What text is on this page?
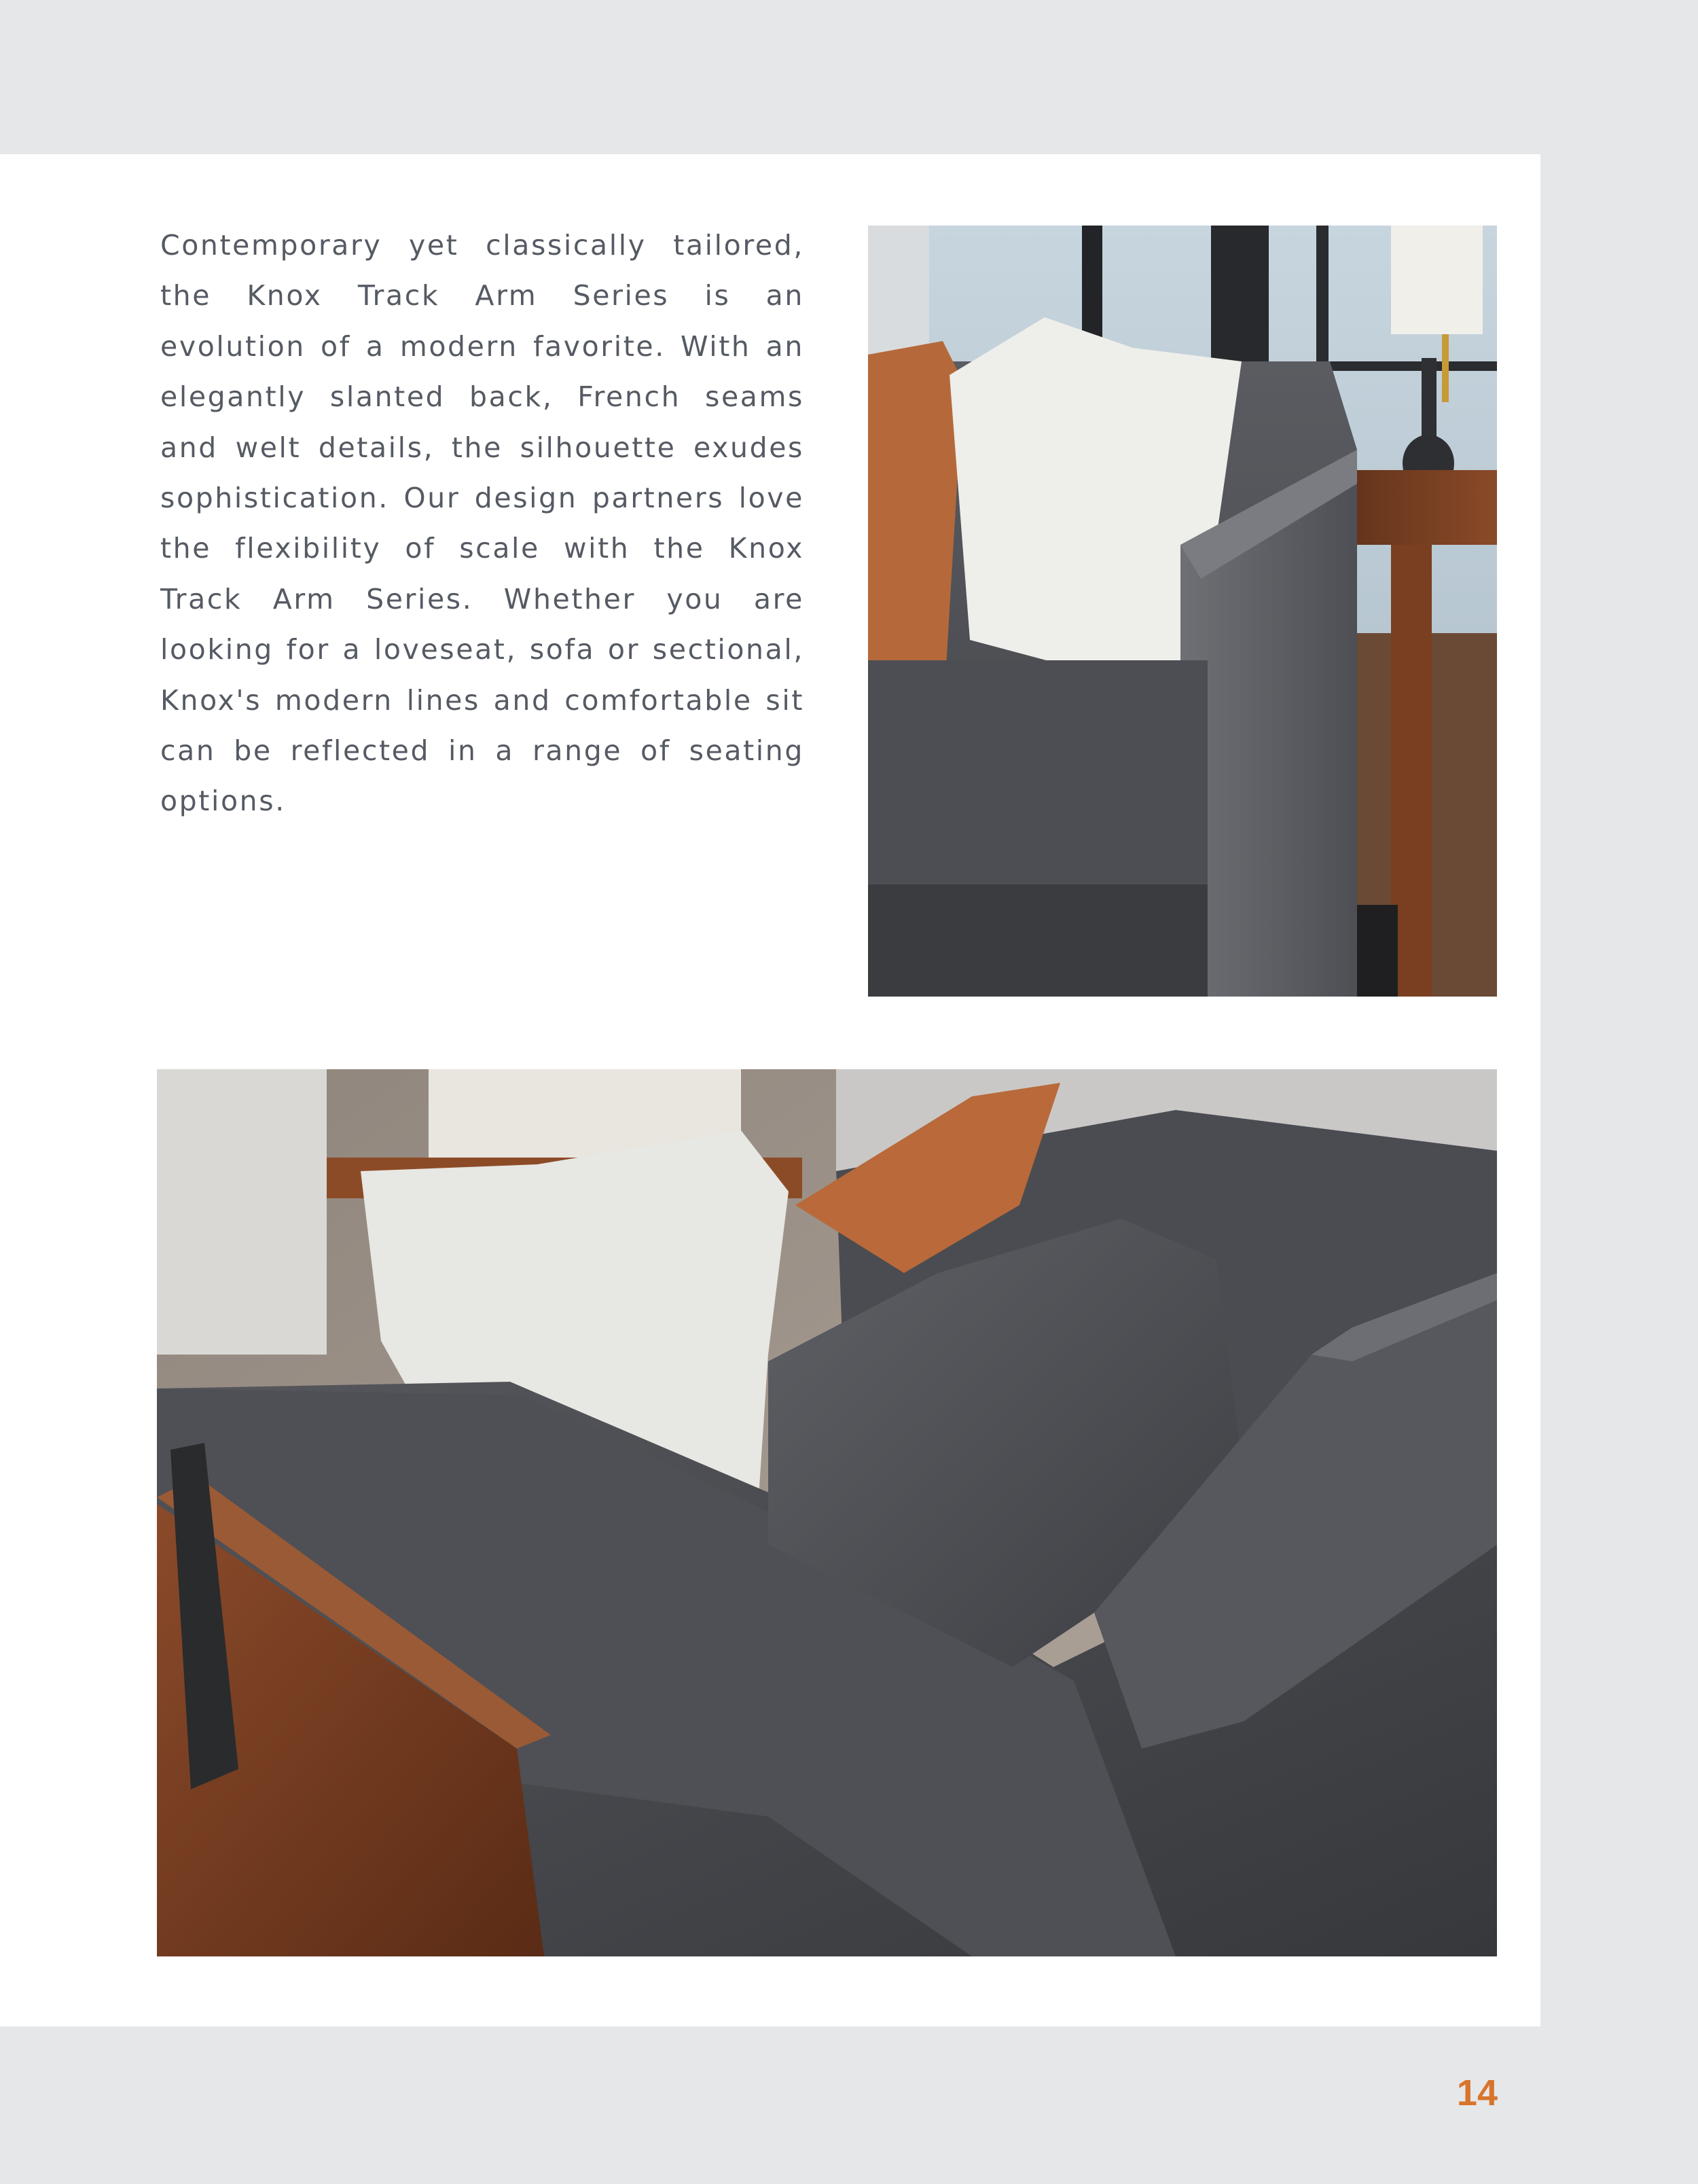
Contemporary yet classically tailored, the Knox Track Arm Series is an evolution of a modern favorite. With an elegantly slanted back, French seams and welt details, the silhouette exudes sophistication. Our design partners love the flexibility of scale with the Knox Track Arm Series. Whether you are looking for a loveseat, sofa or sectional, Knox's modern lines and comfortable sit can be reflected in a range of seating options.

14
